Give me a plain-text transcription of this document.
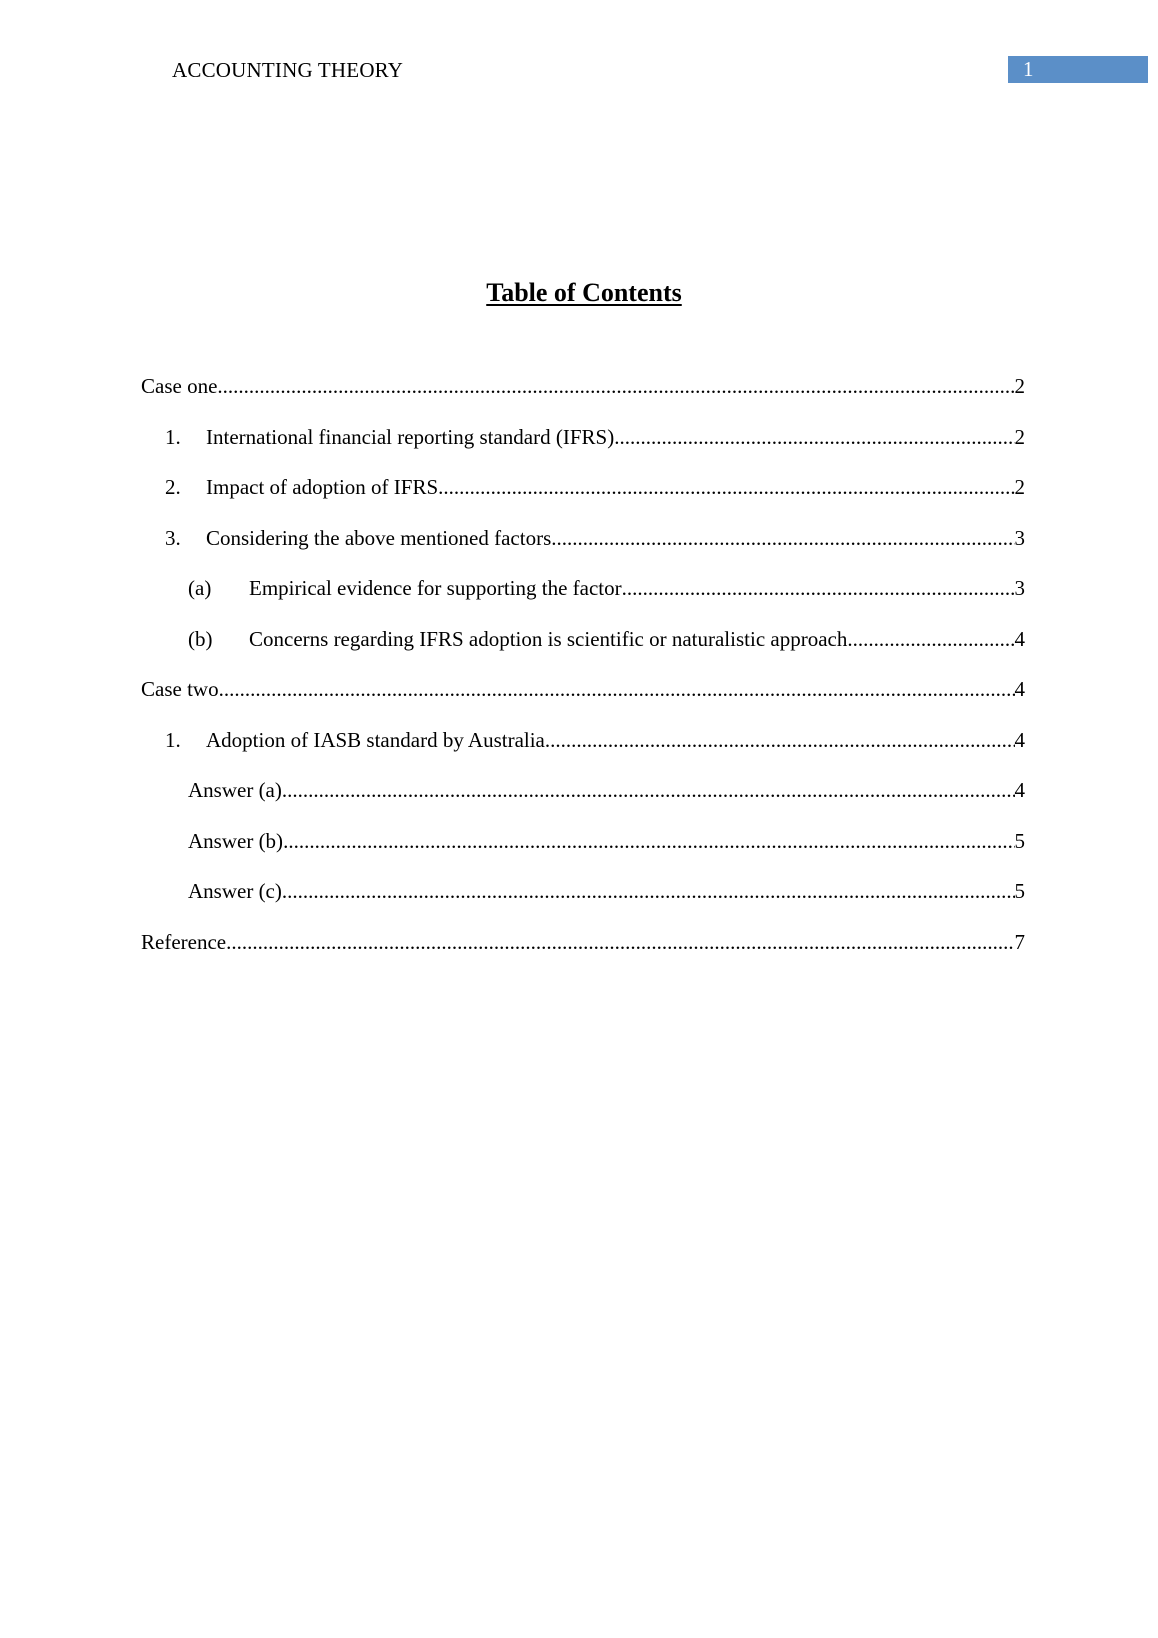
ACCOUNTING THEORY	1
Table of Contents
Case one .....	2
1.	International financial reporting standard (IFRS) .....	2
2.	Impact of adoption of IFRS .....	2
3.	Considering the above mentioned factors .....	3
(a)	Empirical evidence for supporting the factor .....	3
(b)	Concerns regarding IFRS adoption is scientific or naturalistic approach .....	4
Case two .....	4
1.	Adoption of IASB standard by Australia .....	4
Answer (a) .....	4
Answer (b) .....	5
Answer (c) .....	5
Reference .....	7
